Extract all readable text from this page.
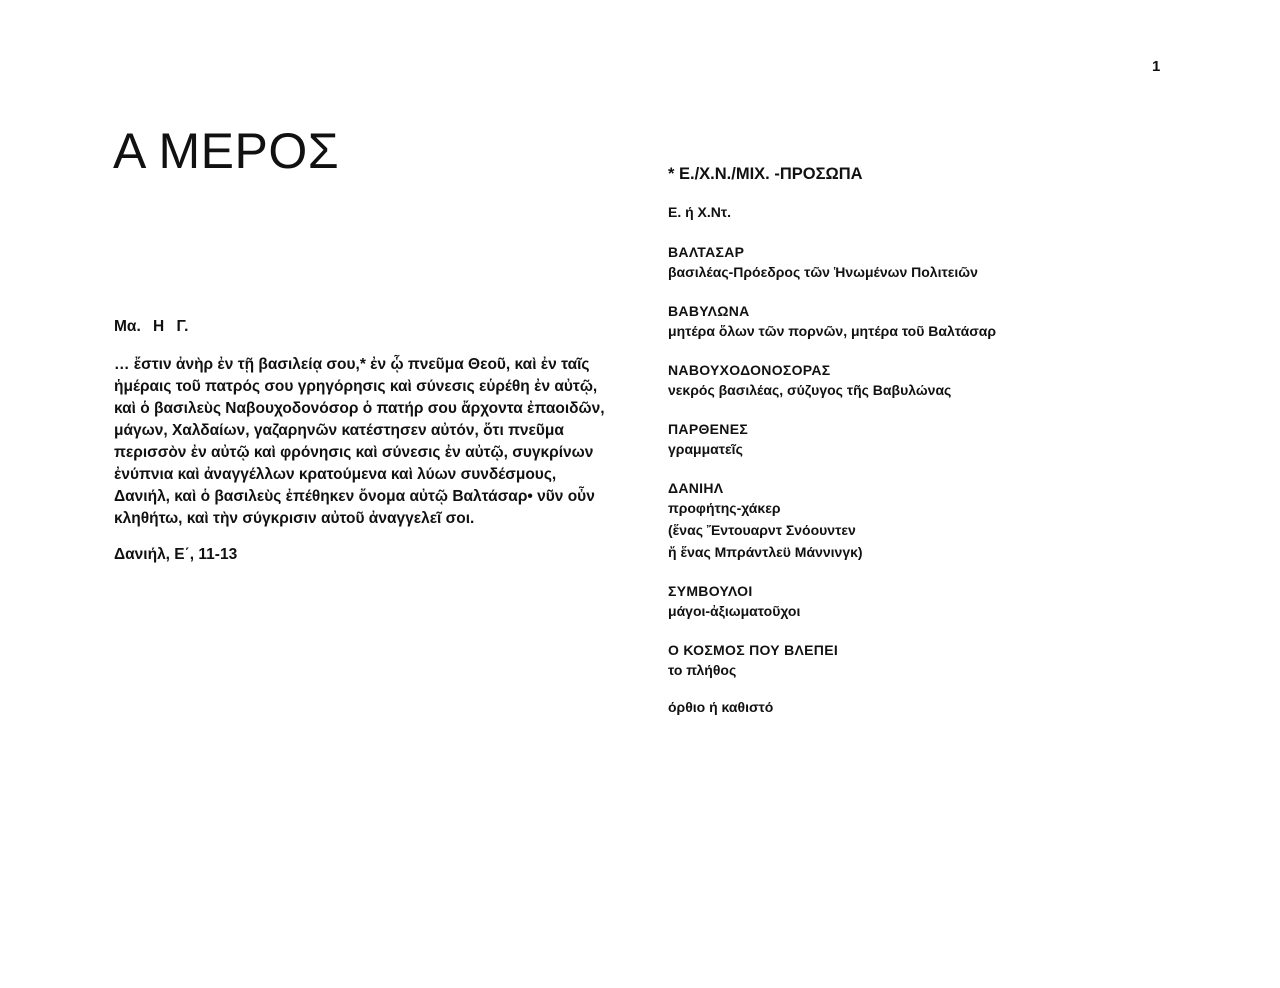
1
Α ΜΕΡΟΣ

Μα. Η Γ.

… ἔστιν ἀνὴρ ἐν τῇ βασιλείᾳ σου,* ἐν ᾧ πνεῦμα Θεοῦ, καὶ ἐν ταῖς ἡμέραις τοῦ πατρός σου γρηγόρησις καὶ σύνεσις εὑρέθη ἐν αὐτῷ, καὶ ὁ βασιλεὺς Ναβουχοδονόσορ ὁ πατήρ σου ἄρχοντα ἐπαοιδῶν, μάγων, Χαλδαίων, γαζαρηνῶν κατέστησεν αὐτόν, ὅτι πνεῦμα περισσὸν ἐν αὐτῷ καὶ φρόνησις καὶ σύνεσις ἐν αὐτῷ, συγκρίνων ἐνύπνια καὶ ἀναγγέλλων κρατούμενα καὶ λύων συνδέσμους, Δανιήλ, καὶ ὁ βασιλεὺς ἐπέθηκεν ὄνομα αὐτῷ Βαλτάσαρ• νῦν οὖν κληθήτω, καὶ τὴν σύγκρισιν αὐτοῦ ἀναγγελεῖ σοι.

Δανιήλ, Ε΄, 11-13

* Ε./Χ.Ν./ΜΙΧ. -ΠΡΟΣΩΠΑ
Ε. ή Χ.Ντ.
ΒΑΛΤΑΣΑΡ
βασιλέας-Πρόεδρος τῶν Ἡνωμένων Πολιτειῶν
ΒΑΒΥΛΩΝΑ
μητέρα ὅλων τῶν πορνῶν, μητέρα τοῦ Βαλτάσαρ
ΝΑΒΟΥΧΟΔΟΝΟΣΟΡΑΣ
νεκρός βασιλέας, σύζυγος τῆς Βαβυλώνας
ΠΑΡΘΕΝΕΣ
γραμματεῖς
ΔΑΝΙΗΛ
προφήτης-χάκερ
(ἕνας Ἔντουαρντ Σνόουντεν
ἤ ἕνας Μπράντλεϋ Μάννινγκ)
ΣΥΜΒΟΥΛΟΙ
μάγοι-ἀξιωματοῦχοι
Ο ΚΟΣΜΟΣ ΠΟΥ ΒΛΕΠΕΙ
το πλήθος

όρθιο ή καθιστό
